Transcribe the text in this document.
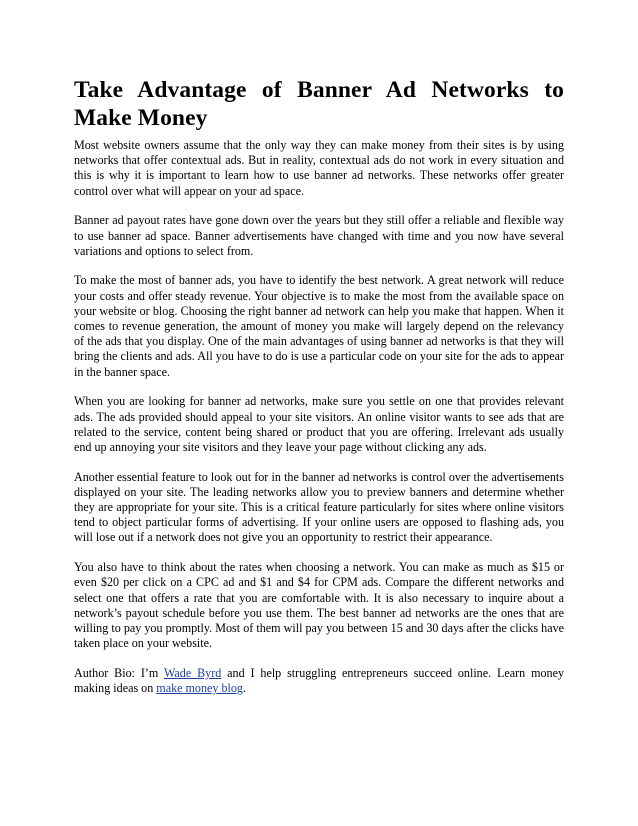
Take Advantage of Banner Ad Networks to Make Money

Most website owners assume that the only way they can make money from their sites is by using networks that offer contextual ads. But in reality, contextual ads do not work in every situation and this is why it is important to learn how to use banner ad networks. These networks offer greater control over what will appear on your ad space.

Banner ad payout rates have gone down over the years but they still offer a reliable and flexible way to use banner ad space. Banner advertisements have changed with time and you now have several variations and options to select from.

To make the most of banner ads, you have to identify the best network. A great network will reduce your costs and offer steady revenue. Your objective is to make the most from the available space on your website or blog. Choosing the right banner ad network can help you make that happen. When it comes to revenue generation, the amount of money you make will largely depend on the relevancy of the ads that you display. One of the main advantages of using banner ad networks is that they will bring the clients and ads. All you have to do is use a particular code on your site for the ads to appear in the banner space.

When you are looking for banner ad networks, make sure you settle on one that provides relevant ads. The ads provided should appeal to your site visitors. An online visitor wants to see ads that are related to the service, content being shared or product that you are offering. Irrelevant ads usually end up annoying your site visitors and they leave your page without clicking any ads.

Another essential feature to look out for in the banner ad networks is control over the advertisements displayed on your site. The leading networks allow you to preview banners and determine whether they are appropriate for your site. This is a critical feature particularly for sites where online visitors tend to object particular forms of advertising. If your online users are opposed to flashing ads, you will lose out if a network does not give you an opportunity to restrict their appearance.

You also have to think about the rates when choosing a network. You can make as much as $15 or even $20 per click on a CPC ad and $1 and $4 for CPM ads. Compare the different networks and select one that offers a rate that you are comfortable with. It is also necessary to inquire about a network’s payout schedule before you use them. The best banner ad networks are the ones that are willing to pay you promptly. Most of them will pay you between 15 and 30 days after the clicks have taken place on your website.

Author Bio: I’m Wade Byrd and I help struggling entrepreneurs succeed online. Learn money making ideas on make money blog.
